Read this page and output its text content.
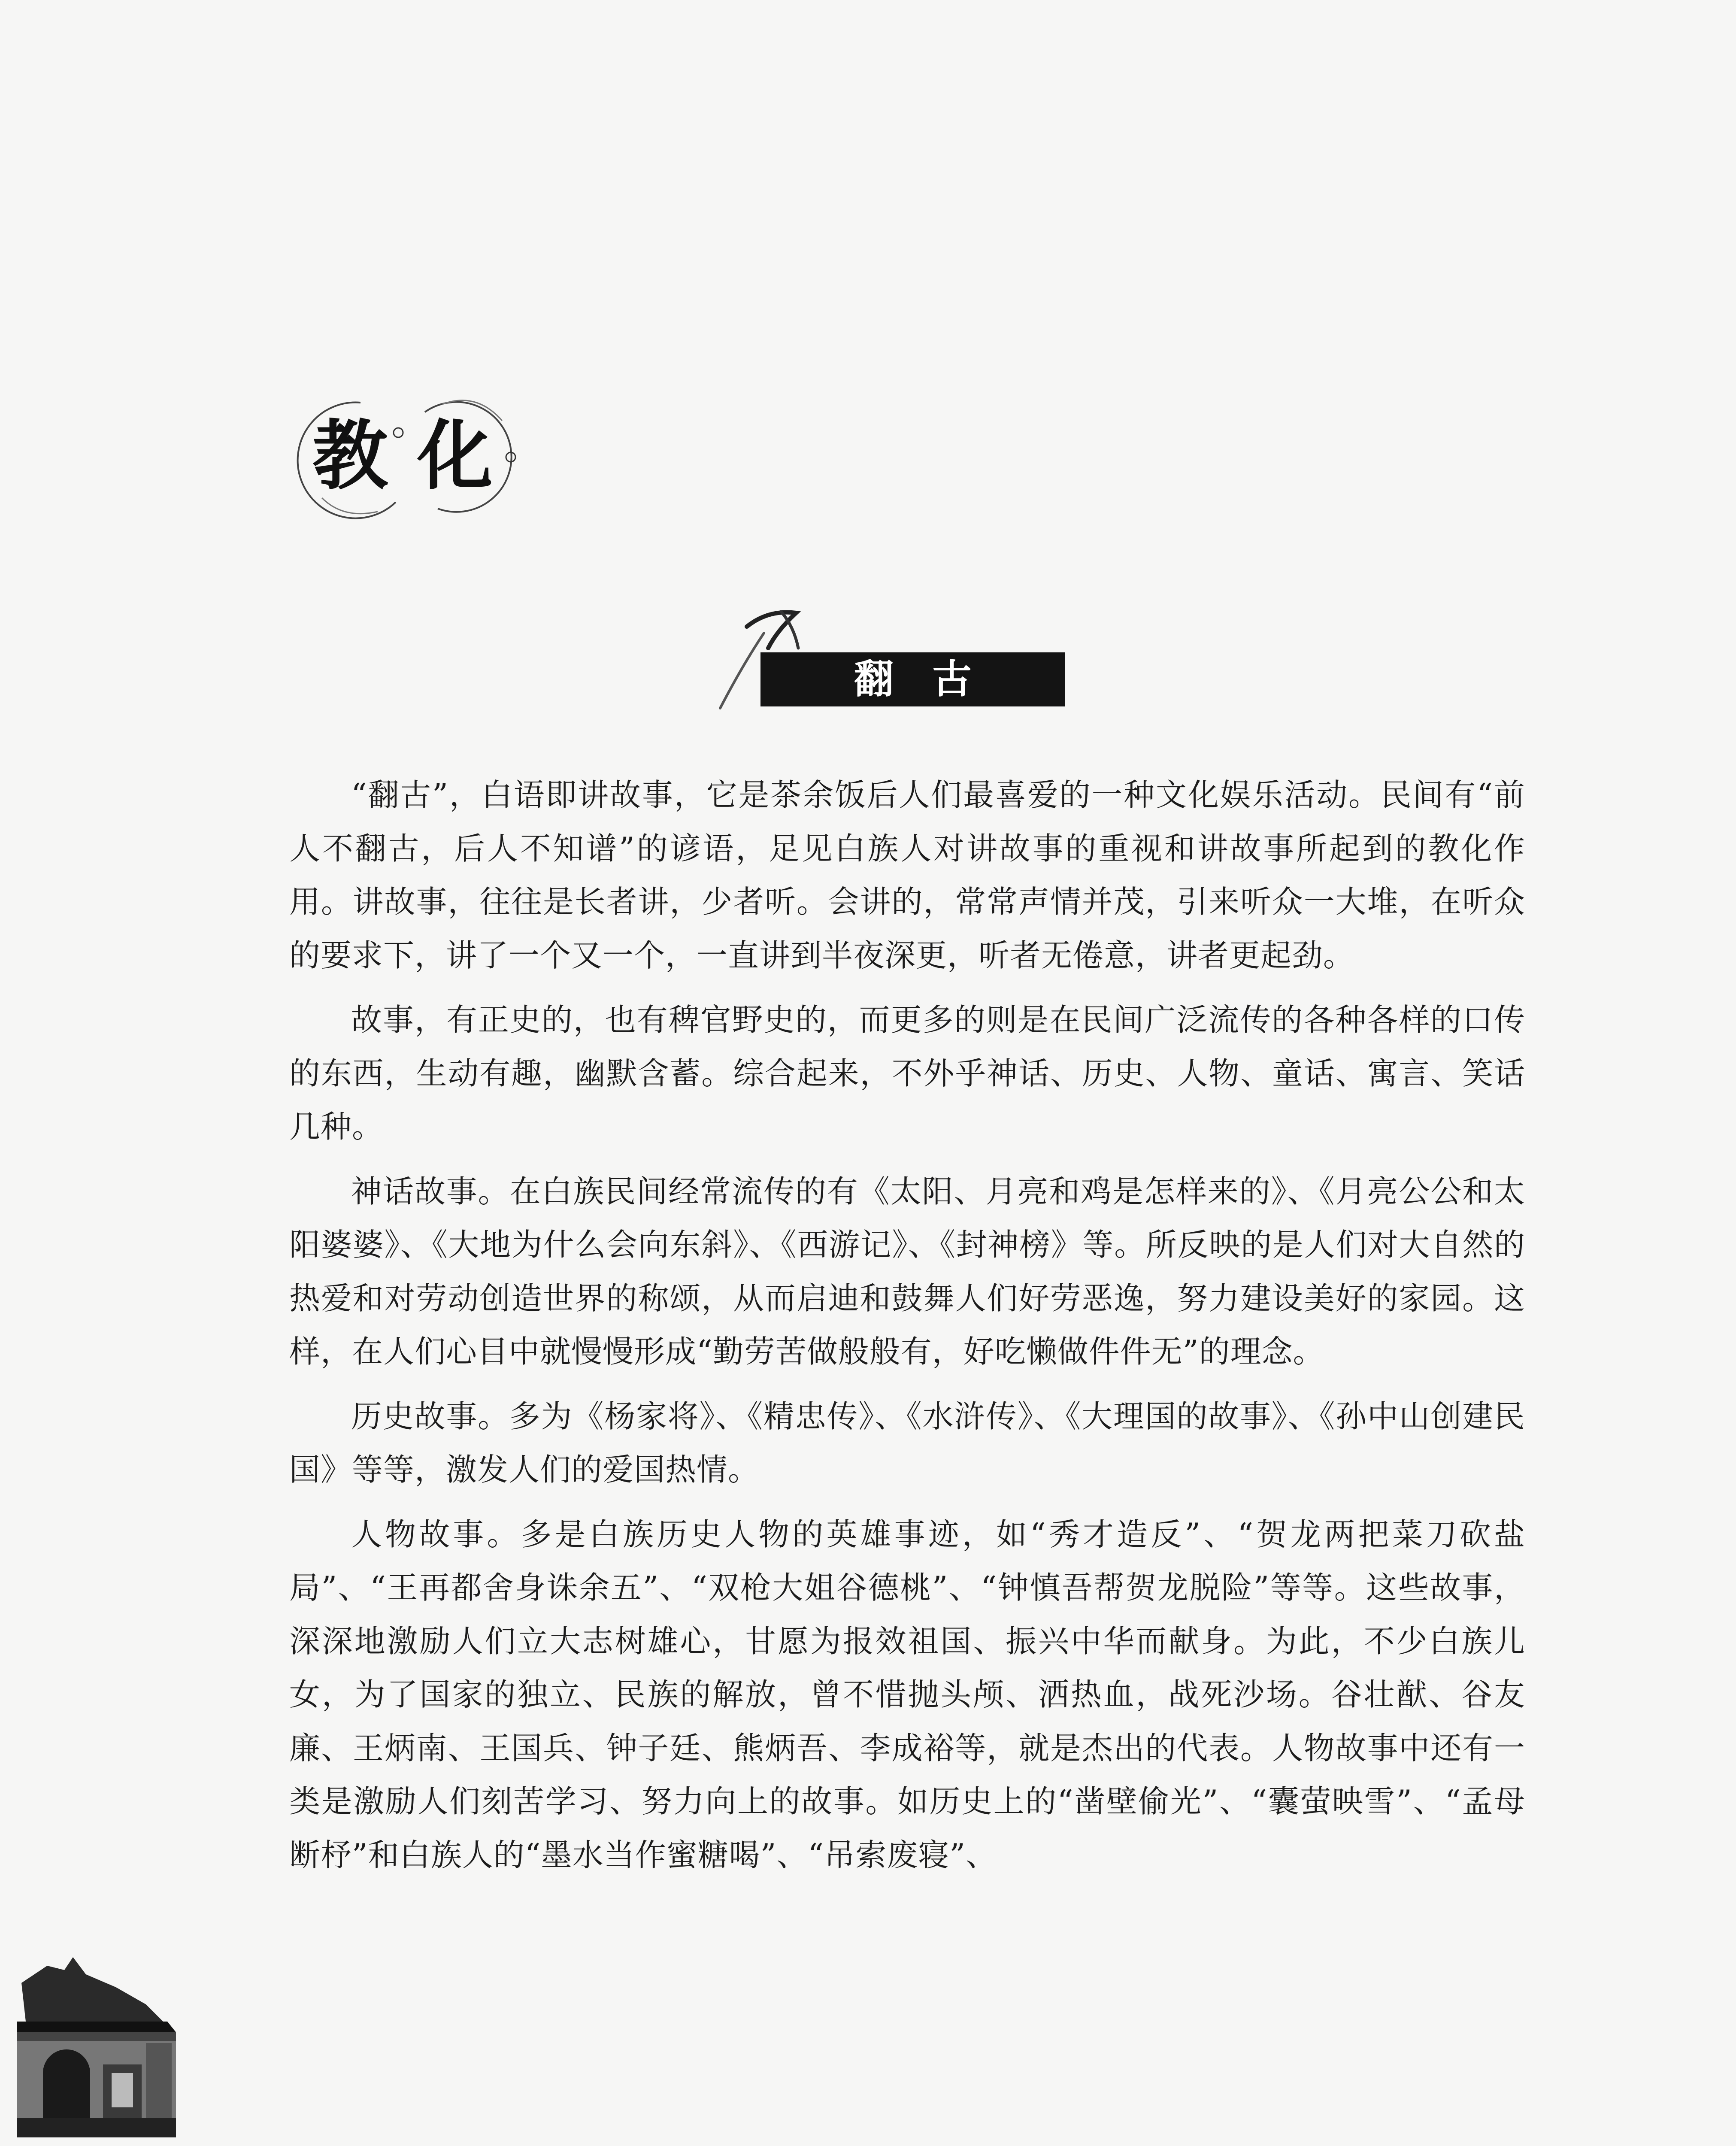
教 化
翻古

“翻古”，白语即讲故事，它是茶余饭后人们最喜爱的一种文化娱乐活动。民间有“前人不翻古，后人不知谱”的谚语，足见白族人对讲故事的重视和讲故事所起到的教化作用。讲故事，往往是长者讲，少者听。会讲的，常常声情并茂，引来听众一大堆，在听众的要求下，讲了一个又一个，一直讲到半夜深更，听者无倦意，讲者更起劲。

故事，有正史的，也有稗官野史的，而更多的则是在民间广泛流传的各种各样的口传的东西，生动有趣，幽默含蓄。综合起来，不外乎神话、历史、人物、童话、寓言、笑话几种。

神话故事。在白族民间经常流传的有《太阳、月亮和鸡是怎样来的》、《月亮公公和太阳婆婆》、《大地为什么会向东斜》、《西游记》、《封神榜》等。所反映的是人们对大自然的热爱和对劳动创造世界的称颂，从而启迪和鼓舞人们好劳恶逸，努力建设美好的家园。这样，在人们心目中就慢慢形成“勤劳苦做般般有，好吃懒做件件无”的理念。

历史故事。多为《杨家将》、《精忠传》、《水浒传》、《大理国的故事》、《孙中山创建民国》等等，激发人们的爱国热情。

人物故事。多是白族历史人物的英雄事迹，如“秀才造反”、“贺龙两把菜刀砍盐局”、“王再都舍身诛余五”、“双枪大姐谷德桃”、“钟慎吾帮贺龙脱险”等等。这些故事，深深地激励人们立大志树雄心，甘愿为报效祖国、振兴中华而献身。为此，不少白族儿女，为了国家的独立、民族的解放，曾不惜抛头颅、洒热血，战死沙场。谷壮猷、谷友廉、王炳南、王国兵、钟子廷、熊炳吾、李成裕等，就是杰出的代表。人物故事中还有一类是激励人们刻苦学习、努力向上的故事。如历史上的“凿壁偷光”、“囊萤映雪”、“孟母断杼”和白族人的“墨水当作蜜糖喝”、“吊索废寝”、
